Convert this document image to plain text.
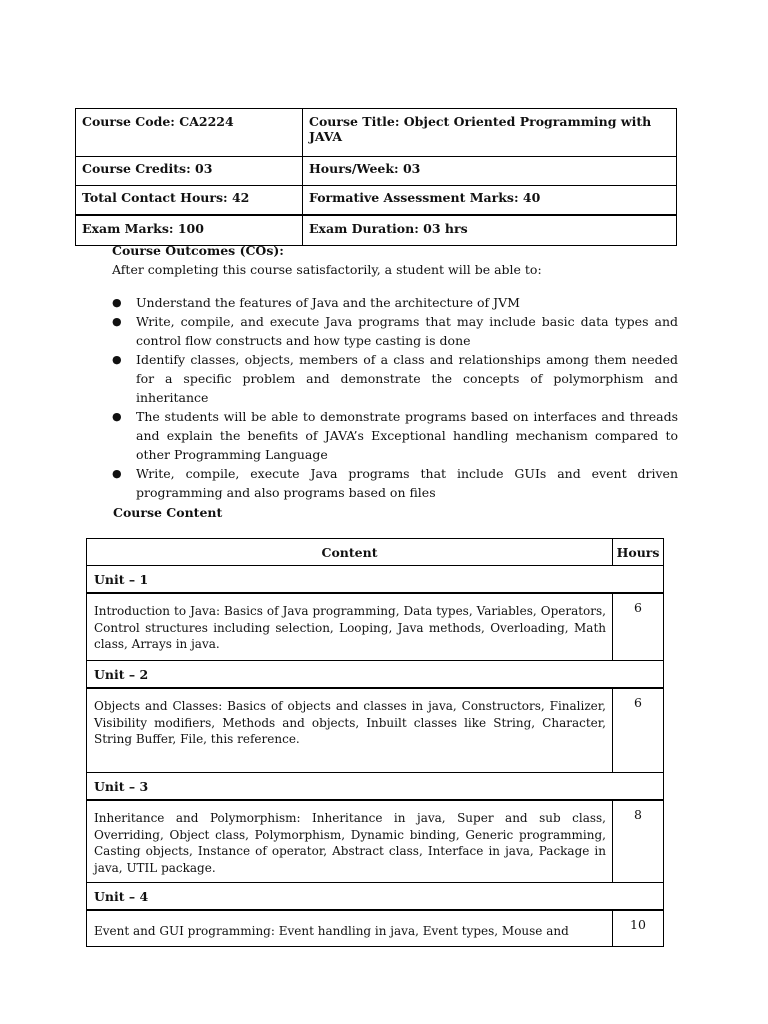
Course Code: CA2224	Course Title: Object Oriented Programming with JAVA
Course Credits: 03	Hours/Week: 03
Total Contact Hours: 42	Formative Assessment Marks: 40
Exam Marks: 100	Exam Duration: 03 hrs
Course Outcomes (COs):
After completing this course satisfactorily, a student will be able to:
● Understand the features of Java and the architecture of JVM
● Write, compile, and execute Java programs that may include basic data types and control flow constructs and how type casting is done
● Identify classes, objects, members of a class and relationships among them needed for a specific problem and demonstrate the concepts of polymorphism and inheritance
● The students will be able to demonstrate programs based on interfaces and threads and explain the benefits of JAVA’s Exceptional handling mechanism compared to other Programming Language
● Write, compile, execute Java programs that include GUIs and event driven programming and also programs based on files
Course Content
Content	Hours
Unit – 1	
Introduction to Java: Basics of Java programming, Data types, Variables, Operators, Control structures including selection, Looping, Java methods, Overloading, Math class, Arrays in java.	6
Unit – 2	
Objects and Classes: Basics of objects and classes in java, Constructors, Finalizer, Visibility modifiers, Methods and objects, Inbuilt classes like String, Character, String Buffer, File, this reference.	6
Unit – 3	
Inheritance and Polymorphism: Inheritance in java, Super and sub class, Overriding, Object class, Polymorphism, Dynamic binding, Generic programming, Casting objects, Instance of operator, Abstract class, Interface in java, Package in java, UTIL package.	8
Unit – 4	
Event and GUI programming: Event handling in java, Event types, Mouse and	10
